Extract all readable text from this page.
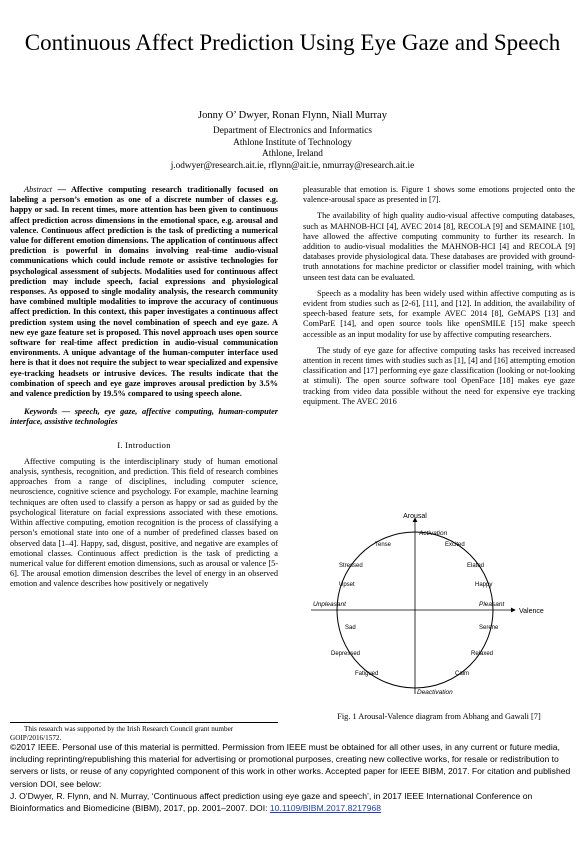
Continuous Affect Prediction Using Eye Gaze and Speech
Jonny O’ Dwyer, Ronan Flynn, Niall Murray
Department of Electronics and Informatics
Athlone Institute of Technology
Athlone, Ireland
j.odwyer@research.ait.ie, rflynn@ait.ie, nmurray@research.ait.ie

Abstract — Affective computing research traditionally focused on labeling a person’s emotion as one of a discrete number of classes e.g. happy or sad. In recent times, more attention has been given to continuous affect prediction across dimensions in the emotional space, e.g. arousal and valence. Continuous affect prediction is the task of predicting a numerical value for different emotion dimensions. The application of continuous affect prediction is powerful in domains involving real-time audio-visual communications which could include remote or assistive technologies for psychological assessment of subjects. Modalities used for continuous affect prediction may include speech, facial expressions and physiological responses. As opposed to single modality analysis, the research community have combined multiple modalities to improve the accuracy of continuous affect prediction. In this context, this paper investigates a continuous affect prediction system using the novel combination of speech and eye gaze. A new eye gaze feature set is proposed. This novel approach uses open source software for real-time affect prediction in audio-visual communication environments. A unique advantage of the human-computer interface used here is that it does not require the subject to wear specialized and expensive eye-tracking headsets or intrusive devices. The results indicate that the combination of speech and eye gaze improves arousal prediction by 3.5% and valence prediction by 19.5% compared to using speech alone.

Keywords — speech, eye gaze, affective computing, human-computer interface, assistive technologies

I. Introduction

Affective computing is the interdisciplinary study of human emotional analysis, synthesis, recognition, and prediction. This field of research combines approaches from a range of disciplines, including computer science, neuroscience, cognitive science and psychology. For example, machine learning techniques are often used to classify a person as happy or sad as guided by the psychological literature on facial expressions associated with these emotions. Within affective computing, emotion recognition is the process of classifying a person’s emotional state into one of a number of predefined classes based on observed data [1–4]. Happy, sad, disgust, positive, and negative are examples of emotional classes. Continuous affect prediction is the task of predicting a numerical value for different emotion dimensions, such as arousal or valence [5-6]. The arousal emotion dimension describes the level of energy in an observed emotion and valence describes how positively or negatively

This research was supported by the Irish Research Council grant number GOIP/2016/1572.

pleasurable that emotion is. Figure 1 shows some emotions projected onto the valence-arousal space as presented in [7].

The availability of high quality audio-visual affective computing databases, such as MAHNOB-HCI [4], AVEC 2014 [8], RECOLA [9] and SEMAINE [10], have allowed the affective computing community to further its research. In addition to audio-visual modalities the MAHNOB-HCI [4] and RECOLA [9] databases provide physiological data. These databases are provided with ground-truth annotations for machine predictor or classifier model training, with which unseen test data can be evaluated.

Speech as a modality has been widely used within affective computing as is evident from studies such as [2-6], [11], and [12]. In addition, the availability of speech-based feature sets, for example AVEC 2014 [8], GeMAPS [13] and ComParE [14], and open source tools like openSMILE [15] make speech accessible as an input modality for use by affective computing researchers.

The study of eye gaze for affective computing tasks has received increased attention in recent times with studies such as [1], [4] and [16] attempting emotion classification and [17] performing eye gaze classification (looking or not-looking at stimuli). The open source software tool OpenFace [18] makes eye gaze tracking from video data possible without the need for expensive eye tracking equipment. The AVEC 2016

Arousal
Valence
Activation
Deactivation
Pleasant
Unpleasant
Tense	Excited
Stressed	Elated
Upset	Happy
Sad	Serene
Depressed	Relaxed
Fatigued	Calm
Fig. 1 Arousal-Valence diagram from Abhang and Gawali [7]
©2017 IEEE. Personal use of this material is permitted. Permission from IEEE must be obtained for all other uses, in any current or future media, including reprinting/republishing this material for advertising or promotional purposes, creating new collective works, for resale or redistribution to servers or lists, or reuse of any copyrighted component of this work in other works. Accepted paper for IEEE BIBM, 2017. For citation and published version DOI, see below:
J. O’Dwyer, R. Flynn, and N. Murray, ‘Continuous affect prediction using eye gaze and speech’, in 2017 IEEE International Conference on Bioinformatics and Biomedicine (BIBM), 2017, pp. 2001–2007. DOI: 10.1109/BIBM.2017.8217968
